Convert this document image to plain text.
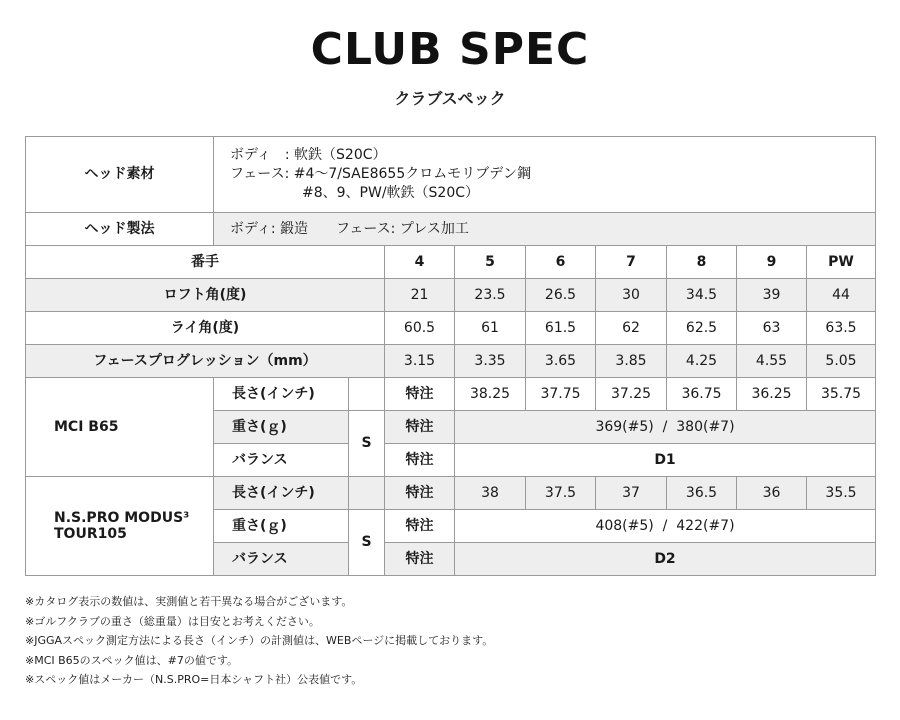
CLUB SPEC
クラブスペック
ヘッド素材	ボディ　: 軟鉄（S20C）
フェース: #4〜7/SAE8655クロムモリブデン鋼
#8、9、PW/軟鉄（S20C）								

ヘッド製法	ボディ: 鍛造　　フェース: プレス加工								
番手			4	5	6	7	8	9	PW
ロフト角(度)			21	23.5	26.5	30	34.5	39	44
ライ角(度)			60.5	61	61.5	62	62.5	63	63.5
フェースプログレッション（mm）			3.15	3.35	3.65	3.85	4.25	4.55	5.05
MCI B65	長さ(インチ)		特注	38.25	37.75	37.25	36.75	36.25	35.75
	重さ(ｇ)	S	特注	369(#5)  /  380(#7)					
	バランス		特注	D1					

N.S.PRO MODUS³
TOUR105	長さ(インチ)		特注	38	37.5	37	36.5	36	35.5
	重さ(ｇ)	S	特注	408(#5)  /  422(#7)					
	バランス		特注	D2					
※カタログ表示の数値は、実測値と若干異なる場合がございます。
※ゴルフクラブの重さ（総重量）は目安とお考えください。
※JGGAスペック測定方法による長さ（インチ）の計測値は、WEBページに掲載しております。
※MCI B65のスペック値は、#7の値です。
※スペック値はメーカー（N.S.PRO=日本シャフト社）公表値です。
